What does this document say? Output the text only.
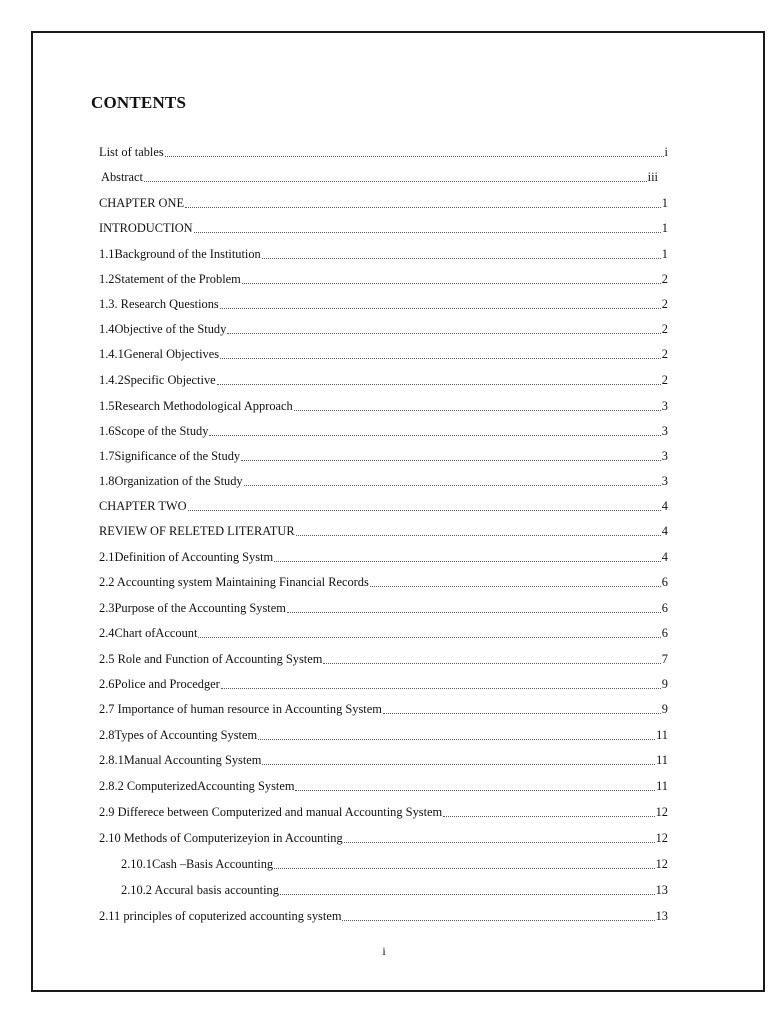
CONTENTS
List of tables	i
Abstract	iii
CHAPTER ONE	1
INTRODUCTION	1
1.1Background of the Institution	1
1.2Statement of the Problem	2
1.3. Research Questions	2
1.4Objective of the Study	2
1.4.1General Objectives	2
1.4.2Specific Objective	2
1.5Research Methodological Approach	3
1.6Scope of the Study	3
1.7Significance of the Study	3
1.8Organization of the Study	3
CHAPTER TWO	4
REVIEW OF RELETED LITERATUR	4
2.1Definition of Accounting Systm	4
2.2 Accounting system Maintaining Financial Records	6
2.3Purpose of the Accounting System	6
2.4Chart ofAccount	6
2.5 Role and Function of Accounting System	7
2.6Police and Procedger	9
2.7 Importance of human resource in Accounting System	9
2.8Types of Accounting System	11
2.8.1Manual Accounting System	11
2.8.2 ComputerizedAccounting System	11
2.9 Differece between Computerized and manual Accounting System	12
2.10 Methods of Computerizeyion in Accounting	12
2.10.1Cash –Basis Accounting	12
2.10.2 Accural basis accounting	13
2.11 principles of coputerized accounting system	13
i
